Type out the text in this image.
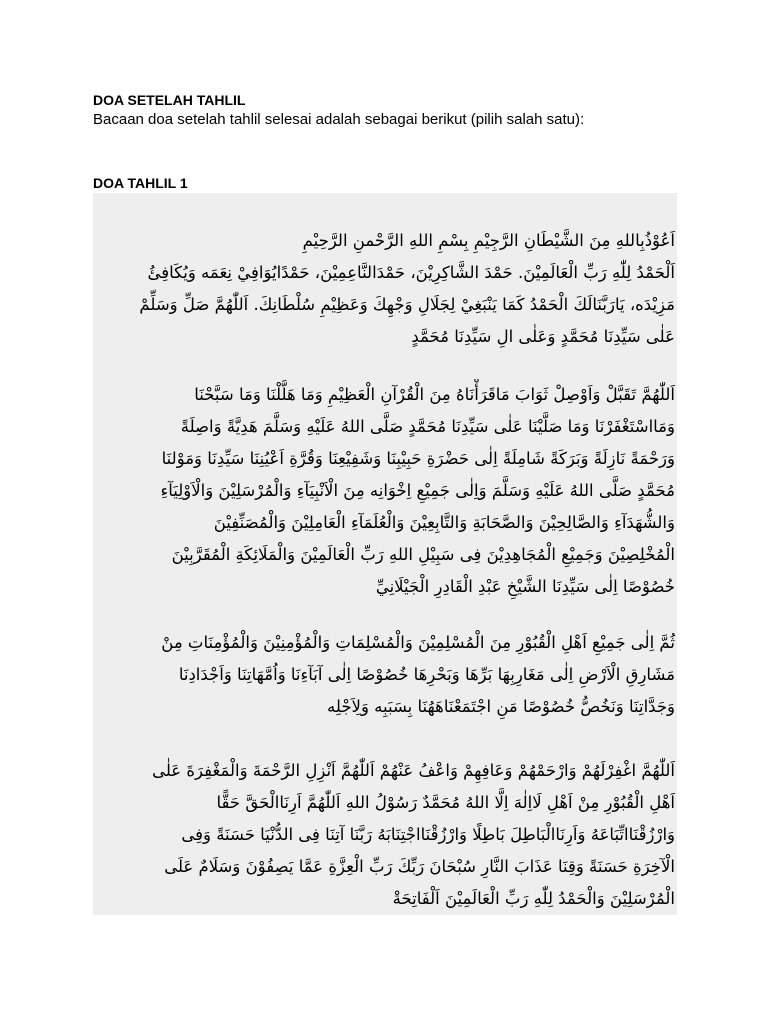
DOA SETELAH TAHLIL
Bacaan doa setelah tahlil selesai adalah sebagai berikut (pilih salah satu):
DOA TAHLIL 1
اَعُوْذُبِاللهِ مِنَ الشَّيْطَانِ الرَّجِيْمِ بِسْمِ اللهِ الرَّحْمنِ الرَّحِيْمِ
اَلْحَمْدُ لِلّٰهِ رَبِّ الْعَالَمِيْنَ. حَمْدَ الشَّاكِرِيْنَ، حَمْدَالنَّاعِمِيْنَ، حَمْدًايُوَافِيْ نِعَمَه وَيُكَافِئُ
مَزِيْدَه، يَارَبَّنَالَكَ الْحَمْدُ كَمَا يَنْبَغِيْ لِجَلَالِ وَجْهِكَ وَعَظِيْمِ سُلْطَانِكَ. اَللّٰهُمَّ صَلِّ وَسَلِّمْ
عَلٰى سَيِّدِنَا مُحَمَّدٍ وَعَلٰى الِ سَيِّدِنَا مُحَمَّدٍ
اَللّٰهُمَّ تَقَبَّلْ وَاَوْصِلْ ثَوَابَ مَاقَرَأْنَاهُ مِنَ الْقُرْآنِ الْعَظِيْمِ وَمَا هَلَّلْنَا وَمَا سَبَّحْنَا
وَمَااسْتَغْفَرْنَا وَمَا صَلَّيْنَا عَلٰى سَيِّدِنَا مُحَمَّدٍ صَلَّى اللهُ عَلَيْهِ وَسَلَّمَ هَدِيَّةً وَاصِلَةً
وَرَحْمَةً نَازِلَةً وَبَرَكَةً شَامِلَةً اِلٰى حَضْرَةِ حَبِيْبِنَا وَشَفِيْعِنَا وَقُرَّةِ اَعْيُنِنَا سَيِّدِنَا وَمَوْلنَا
مُحَمَّدٍ صَلَّى اللهُ عَلَيْهِ وَسَلَّمَ وَاِلٰى جَمِيْعِ اِخْوَانِه مِنَ الْاَنْبِيَآءِ وَالْمُرْسَلِيْنَ وَالْاَوْلِيَآءِ
وَالشُّهَدَآءِ وَالصَّالِحِيْنَ وَالصَّحَابَةِ وَالتَّابِعِيْنَ وَالْعُلَمَآءِ الْعَامِلِيْنَ وَالْمُصَنِّفِيْنَ
الْمُخْلِصِيْنَ وَجَمِيْعِ الْمُجَاهِدِيْنَ فِى سَبِيْلِ اللهِ رَبِّ الْعَالَمِيْنَ وَالْمَلَائِكَةِ الْمُقَرَّبِيْنَ
خُصُوْصًا اِلٰى سَيِّدِنَا الشَّيْخِ عَبْدِ الْقَادِرِ الْجَيْلَانِيِّ
ثُمَّ اِلٰى جَمِيْعِ اَهْلِ الْقُبُوْرِ مِنَ الْمُسْلِمِيْنَ وَالْمُسْلِمَاتِ وَالْمُؤْمِنِيْنَ وَالْمُؤْمِنَاتِ مِنْ
مَشَارِقِ الْاَرْضِ اِلٰى مَغَارِبِهَا بَرِّهَا وَبَحْرِهَا خُصُوْصًا اِلٰى آبَآءِنَا وَاُمَّهَاتِنَا وَاَجْدَادِنَا
وَجَدَّاتِنَا وَنَخُصُّ خُصُوْصًا مَنِ اجْتَمَعْنَاهَهُنَا بِسَبَبِه وَلِاَجْلِه
اَللّٰهُمَّ اغْفِرْلَهُمْ وَارْحَمْهُمْ وَعَافِهِمْ وَاعْفُ عَنْهُمْ اَللّٰهُمَّ اَنْزِلِ الرَّحْمَةَ وَالْمَغْفِرَةَ عَلٰى
اَهْلِ الْقُبُوْرِ مِنْ اَهْلِ لَااِلٰهَ اِلَّا اللهُ مُحَمَّدٌ رَسُوْلُ اللهِ اَللّٰهُمَّ اَرِنَاالْحَقَّ حَقًّا
وَارْزُقْنَااتِّبَاعَهُ وَاَرِنَاالْبَاطِلَ بَاطِلًا وَارْزُقْنَااجْتِنَابَهُ رَبَّنَا آتِنَا فِى الدُّنْيَا حَسَنَةً وَفِى
الْآخِرَةِ حَسَنَةً وَقِنَا عَذَابَ النَّارِ سُبْحَانَ رَبِّكَ رَبِّ الْعِزَّةِ عَمَّا يَصِفُوْنَ وَسَلَامٌ عَلَى
الْمُرْسَلِيْنَ وَالْحَمْدُ لِلّٰهِ رَبِّ الْعَالَمِيْنَ اَلْفَاتِحَةْ
